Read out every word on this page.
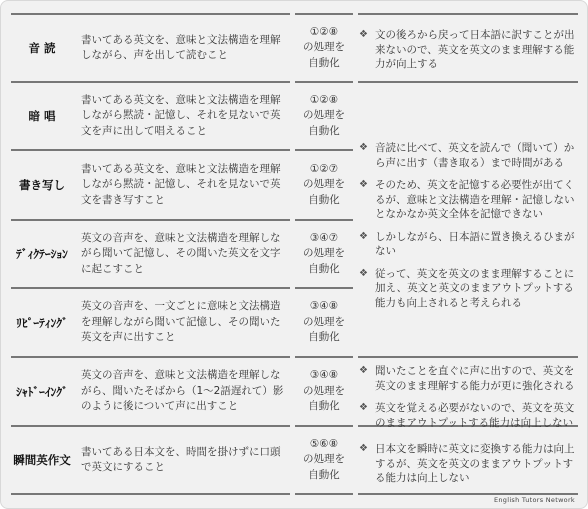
音 読
書いてある英文を、意味と文法構造を理解しながら、声を出して読むこと
①②⑧
の処理を
自動化
暗 唱
書いてある英文を、意味と文法構造を理解しながら黙読・記憶し、それを見ないで英文を声に出して唱えること
①②⑧
の処理を
自動化
書き写し
書いてある英文を、意味と文法構造を理解しながら黙読・記憶し、それを見ないで英文を書き写すこと
①②⑦
の処理を
自動化
ﾃﾞｨｸﾃｰｼｮﾝ
英文の音声を、意味と文法構造を理解しながら聞いて記憶し、その聞いた英文を文字に起こすこと
③④⑦
の処理を
自動化
ﾘﾋﾟｰﾃｨﾝｸﾞ
英文の音声を、一文ごとに意味と文法構造を理解しながら聞いて記憶し、その聞いた英文を声に出すこと
③④⑧
の処理を
自動化
ｼｬﾄﾞｰｲﾝｸﾞ
英文の音声を、意味と文法構造を理解しながら、聞いたそばから（1～2語遅れて）影のように後について声に出すこと
③④⑧
の処理を
自動化
瞬間英作文
書いてある日本文を、時間を掛けずに口頭で英文にすること
⑤⑥⑧
の処理を
自動化
❖ 文の後ろから戻って日本語に訳すことが出来ないので、英文を英文のまま理解する能力が向上する
❖ 音読に比べて、英文を読んで（聞いて）から声に出す（書き取る）まで時間がある
❖ そのため、英文を記憶する必要性が出てくるが、意味と文法構造を理解・記憶しないとなかなか英文全体を記憶できない
❖ しかしながら、日本語に置き換えるひまがない
❖ 従って、英文を英文のまま理解することに加え、英文と英文のままアウトプットする能力も向上されると考えられる
❖ 聞いたことを直ぐに声に出すので、英文を英文のまま理解する能力が更に強化される
❖ 英文を覚える必要がないので、英文を英文のままアウトプットする能力は向上しない
❖ 日本文を瞬時に英文に変換する能力は向上するが、英文を英文のままアウトプットする能力は向上しない
English Tutors Network
